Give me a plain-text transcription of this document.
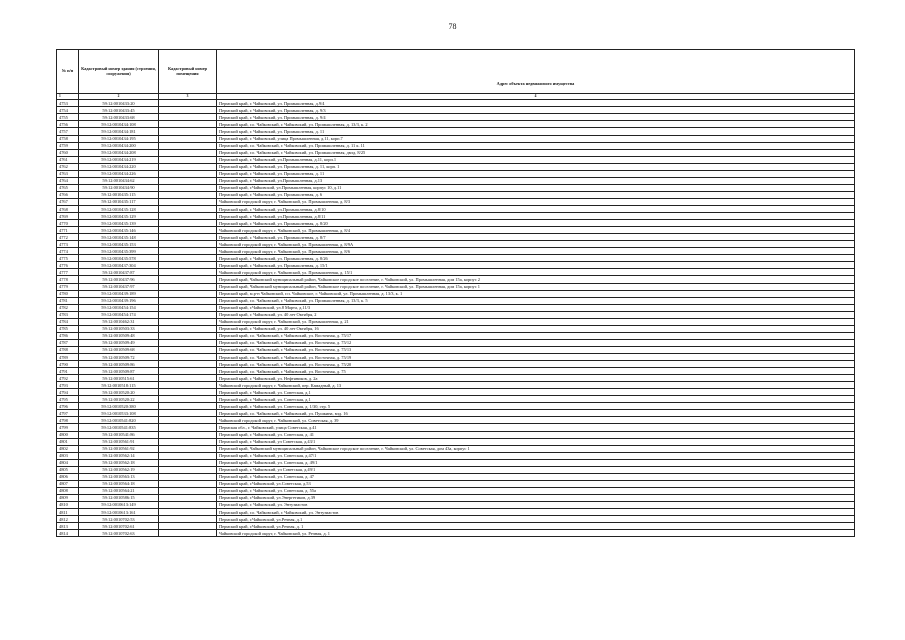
78
№ п/п	Кадастровый номер здания (строения, сооружения)	Кадастровый номер помещения	Адрес объекта недвижимого имущества
1	2	3	4
4753	59:12:0010433:20		Пермский край, г. Чайковский, ул. Промышленная, д.9/4
4754	59:12:0010433:45		Пермский край, г. Чайковский, ул. Промышленная, д. 9/3
4755	59:12:0010433:68		Пермский край, г. Чайковский, ул. Промышленная, д. 9/4
4756	59:12:0010434:108		Пермский край, г.о. Чайковский, г. Чайковский, ул. Промышленная, д. 13/3, к. 2
4757	59:12:0010434:181		Пермский край, г. Чайковский, ул. Промышленная, д. 11
4758	59:12:0010434:195		Пермский край, г. Чайковский, улица Промышленная, д.11, корп.7
4759	59:12:0010434:200		Пермский край, г.о. Чайковский, г. Чайковский, ул. Промышленная, д. 11 к. 11
4760	59:12:0010434:208		Пермский край, г.о. Чайковский, г. Чайковский, ул. Промышленная, двлд. 8/25
4761	59:12:0010434:219		Пермский край, г. Чайковский, ул.Промышленная, д.11, корп.1
4762	59:12:0010434:220		Пермский край, г. Чайковский, ул. Промышленная, д. 11, корп. 1
4763	59:12:0010434:226		Пермский край, г. Чайковский, ул. Промышленная, д. 11
4764	59:12:0010434:62		Пермский край, г. Чайковский, ул.Промышленная, д.13
4765	59:12:0010434:90		Пермский край, г.Чайковский, ул.Промышленная, корпус 10, д.11
4766	59:12:0010435:115		Пермский край, г. Чайковский, ул. Промышленная, д. 6
4767	59:12:0010435:117		Чайковский городской округ, г. Чайковский, ул. Промышленная, д. 8/3
4768	59:12:0010435:128		Пермский край, г. Чайковский, ул.Промышленная, д.8/10
4769	59:12:0010435:129		Пермский край, г. Чайковский, ул.Промышленная, д.8/11
4770	59:12:0010435:139		Пермский край, г. Чайковский, ул. Промышленная, д. 8/20
4771	59:12:0010435:146		Чайковский городской округ, г. Чайковский, ул. Промышленная, д. 8/4
4772	59:12:0010435:148		Пермский край, г. Чайковский, ул. Промышленная, д. 8/7
4773	59:12:0010435:153		Чайковский городской округ, г. Чайковский, ул. Промышленная, д. 8/9А
4774	59:12:0010435:399		Чайковский городской округ, г. Чайковский, ул. Промышленная, д. 8/6
4775	59:12:0010435:578		Пермский край, г. Чайковский, ул. Промышленная, д. 8/26
4776	59:12:0010437:304		Пермский край, г. Чайковский, ул. Промышленная, д. 15/1
4777	59:12:0010437:87		Чайковский городской округ, г. Чайковский, ул. Промышленная, д. 15/1
4778	59:12:0010437:96		Пермский край, Чайковский муниципальный район, Чайковское городское поселение, г. Чайковский, ул. Промышленная, дом 15а, корпус 2
4779	59:12:0010437:97		Пермский край, Чайковский муниципальный район, Чайковское городское поселение, г. Чайковский, ул. Промышленная, дом 15а, корпус 1
4780	59:12:0010439:189		Пермский край, м.р-н Чайковский, г.п. Чайковское, г. Чайковский, ул. Промышленная, д. 13/3, к. 1
4781	59:12:0010439:196		Пермский край, г.о. Чайковский, г. Чайковский, ул. Промышленная, д. 13/3, к. 5
4782	59:12:0010454:154		Пермский край, г.Чайковский, ул.8 Марта, д.11/3
4783	59:12:0010454:174		Пермский край, г. Чайковский, ул. 40 лет Октября, 2
4784	59:12:0010462:31		Чайковский городской округ, г. Чайковский, ул. Промышленная, д. 21
4785	59:12:0010503:33		Пермский край, г. Чайковский, ул. 40 лет Октября, 16
4786	59:12:0010509:48		Пермский край, г.о. Чайковский, г. Чайковский, ул. Восточная, д. 75/17
4787	59:12:0010509:49		Пермский край, г.о. Чайковский, г. Чайковский, ул. Восточная, д. 75/12
4788	59:12:0010509:68		Пермский край, г.о. Чайковский, г. Чайковский, ул. Восточная, д. 75/13
4789	59:12:0010509:72		Пермский край, г.о. Чайковский, г. Чайковский, ул. Восточная, д. 75/19
4790	59:12:0010509:86		Пермский край, г.о. Чайковский, г. Чайковский, ул. Восточная, д. 75/20
4791	59:12:0010509:87		Пермский край, г.о. Чайковский, г. Чайковский, ул. Восточная, д. 75
4792	59:12:0010515:61		Пермский край, г. Чайковский, ул. Нефтяников, д. 2а
4793	59:12:0010518:115		Чайковский городской округ, г. Чайковский, пер. Камадный, д. 13
4794	59:12:0010520:20		Пермский край, г. Чайковский, ул. Советская, д.1
4795	59:12:0010520:22		Пермский край, г. Чайковский, ул. Советская, д.1
4796	59:12:0010520:380		Пермский край, г. Чайковский, ул. Советская, д. 1/30, стр. 5
4797	59:12:0010533:108		Пермский край, г.о. Чайковский, г. Чайковский, ул. Пушкина, влд. 16
4798	59:12:0010541:820		Чайковский городской округ, г. Чайковский, ул. Советская, д. 39
4799	59:12:0010541:835		Пермская обл., г. Чайковский, улица Советская, д.41
4800	59:12:0010541:86		Пермский край, г. Чайковский, ул. Советская, д. 41
4801	59:12:0010561:91		Пермский край, г. Чайковский, ул Советская, д.43/1
4802	59:12:0010561:92		Пермский край, Чайковский муниципальный район, Чайковское городское поселение, г. Чайковский, ул. Советская, дом 43а, корпус 1
4803	59:12:0010562:14		Пермский край, г. Чайковский, ул. Советская, д.47/1
4804	59:12:0010562:18		Пермский край, г. Чайковский, ул. Советская, д. 49/1
4805	59:12:0010562:19		Пермский край, г. Чайковский, ул Советская, д.49/1
4806	59:12:0010563:13		Пермский край, г. Чайковский, ул. Советская, д. 47
4807	59:12:0010564:18		Пермский край, г.Чайковский, ул.Советская, д.53
4808	59:12:0010564:21		Пермский край, г. Чайковский, ул. Советская, д. 55а
4809	59:12:0010586:15		Пермский край, г.Чайковский, ул.Энергетиков, д.39
4810	59:12:0010613:149		Пермский край, г. Чайковский, ул. Энтузиастов
4811	59:12:0010613:161		Пермский край, г.о. Чайковский, г. Чайковский, ул. Энтузиастов
4812	59:12:0010702:53		Пермский край, г.Чайковский, ул.Речная, д.1
4813	59:12:0010702:61		Пермский край, г.Чайковский, ул.Речная, д. 1
4814	59:12:0010702:63		Чайковский городской округ, г. Чайковский, ул. Речная, д. 1
